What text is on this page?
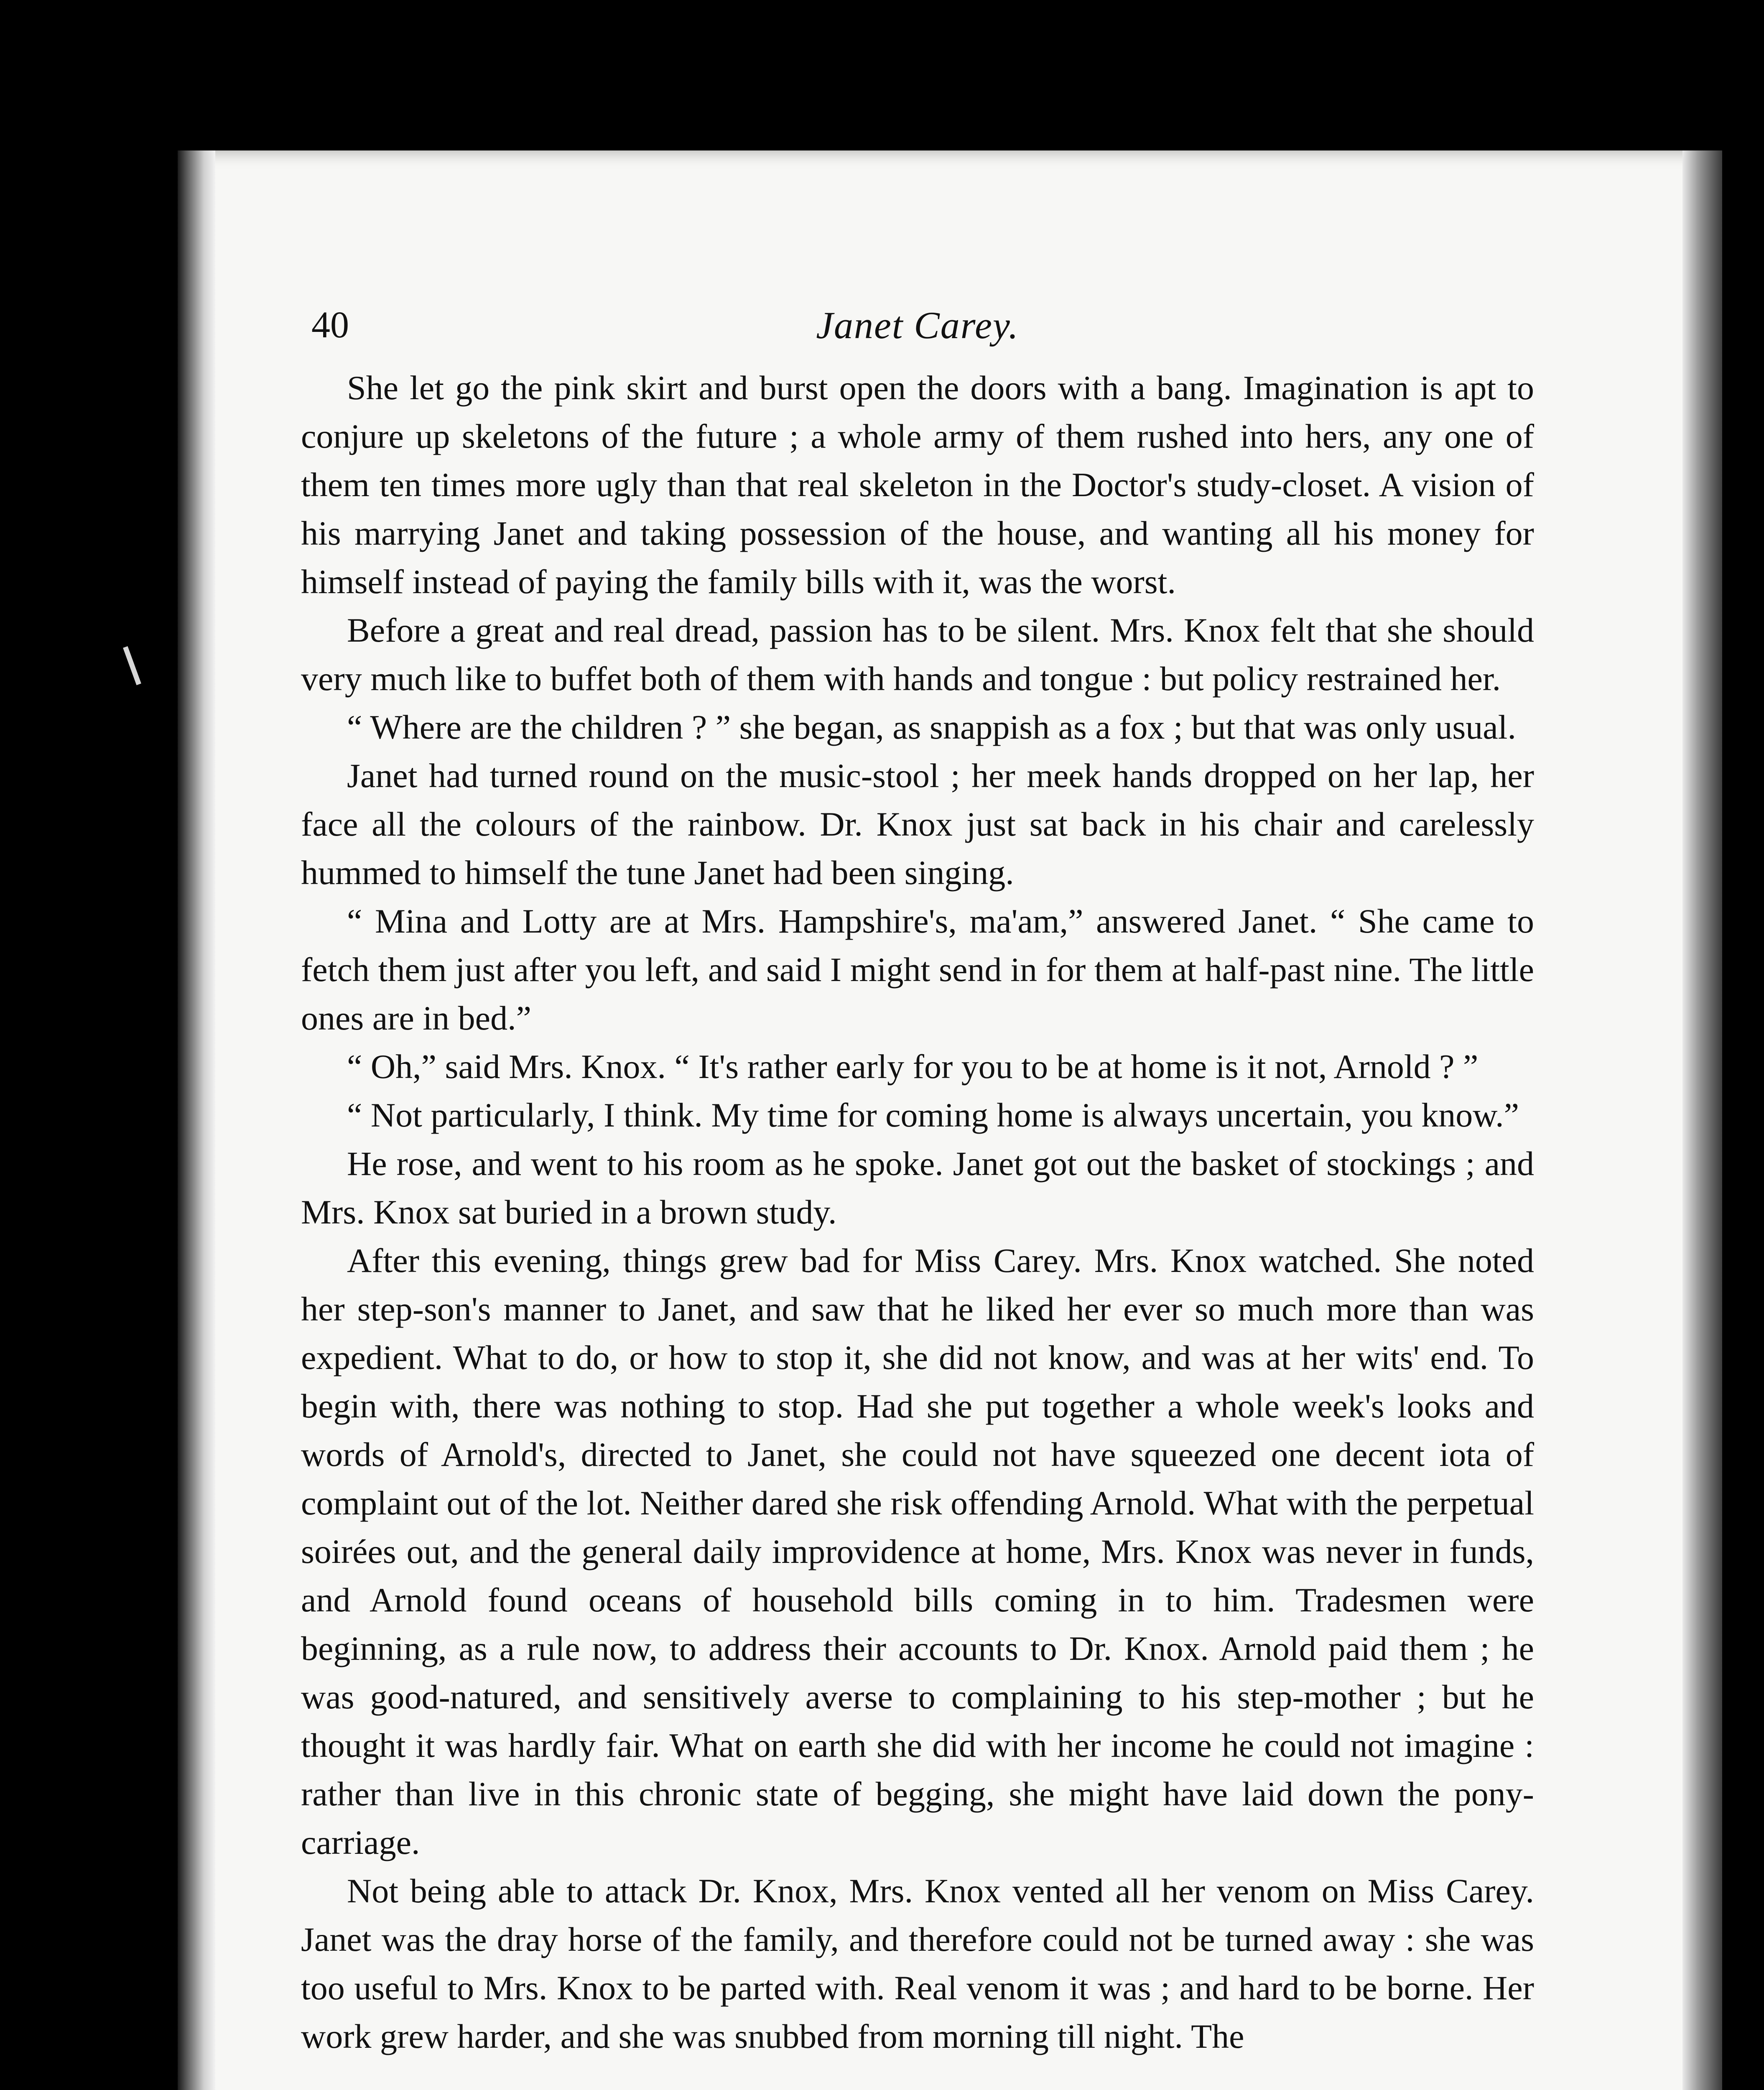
40	Janet Carey.

She let go the pink skirt and burst open the doors with a bang. Imagination is apt to conjure up skeletons of the future ; a whole army of them rushed into hers, any one of them ten times more ugly than that real skeleton in the Doctor's study-closet. A vision of his marrying Janet and taking possession of the house, and wanting all his money for himself instead of paying the family bills with it, was the worst.

Before a great and real dread, passion has to be silent. Mrs. Knox felt that she should very much like to buffet both of them with hands and tongue : but policy restrained her.

“ Where are the children ? ” she began, as snappish as a fox ; but that was only usual.

Janet had turned round on the music-stool ; her meek hands dropped on her lap, her face all the colours of the rainbow. Dr. Knox just sat back in his chair and carelessly hummed to himself the tune Janet had been singing.

“ Mina and Lotty are at Mrs. Hampshire's, ma'am,” answered Janet. “ She came to fetch them just after you left, and said I might send in for them at half-past nine. The little ones are in bed.”

“ Oh,” said Mrs. Knox. “ It's rather early for you to be at home is it not, Arnold ? ”

“ Not particularly, I think. My time for coming home is always uncertain, you know.”

He rose, and went to his room as he spoke. Janet got out the basket of stockings ; and Mrs. Knox sat buried in a brown study.

After this evening, things grew bad for Miss Carey. Mrs. Knox watched. She noted her step-son's manner to Janet, and saw that he liked her ever so much more than was expedient. What to do, or how to stop it, she did not know, and was at her wits' end. To begin with, there was nothing to stop. Had she put together a whole week's looks and words of Arnold's, directed to Janet, she could not have squeezed one decent iota of complaint out of the lot. Neither dared she risk offending Arnold. What with the perpetual soirées out, and the general daily improvidence at home, Mrs. Knox was never in funds, and Arnold found oceans of household bills coming in to him. Tradesmen were beginning, as a rule now, to address their accounts to Dr. Knox. Arnold paid them ; he was good-natured, and sensitively averse to complaining to his step-mother ; but he thought it was hardly fair. What on earth she did with her income he could not imagine : rather than live in this chronic state of begging, she might have laid down the pony-carriage.

Not being able to attack Dr. Knox, Mrs. Knox vented all her venom on Miss Carey. Janet was the dray horse of the family, and therefore could not be turned away : she was too useful to Mrs. Knox to be parted with. Real venom it was ; and hard to be borne. Her work grew harder, and she was snubbed from morning till night. The
